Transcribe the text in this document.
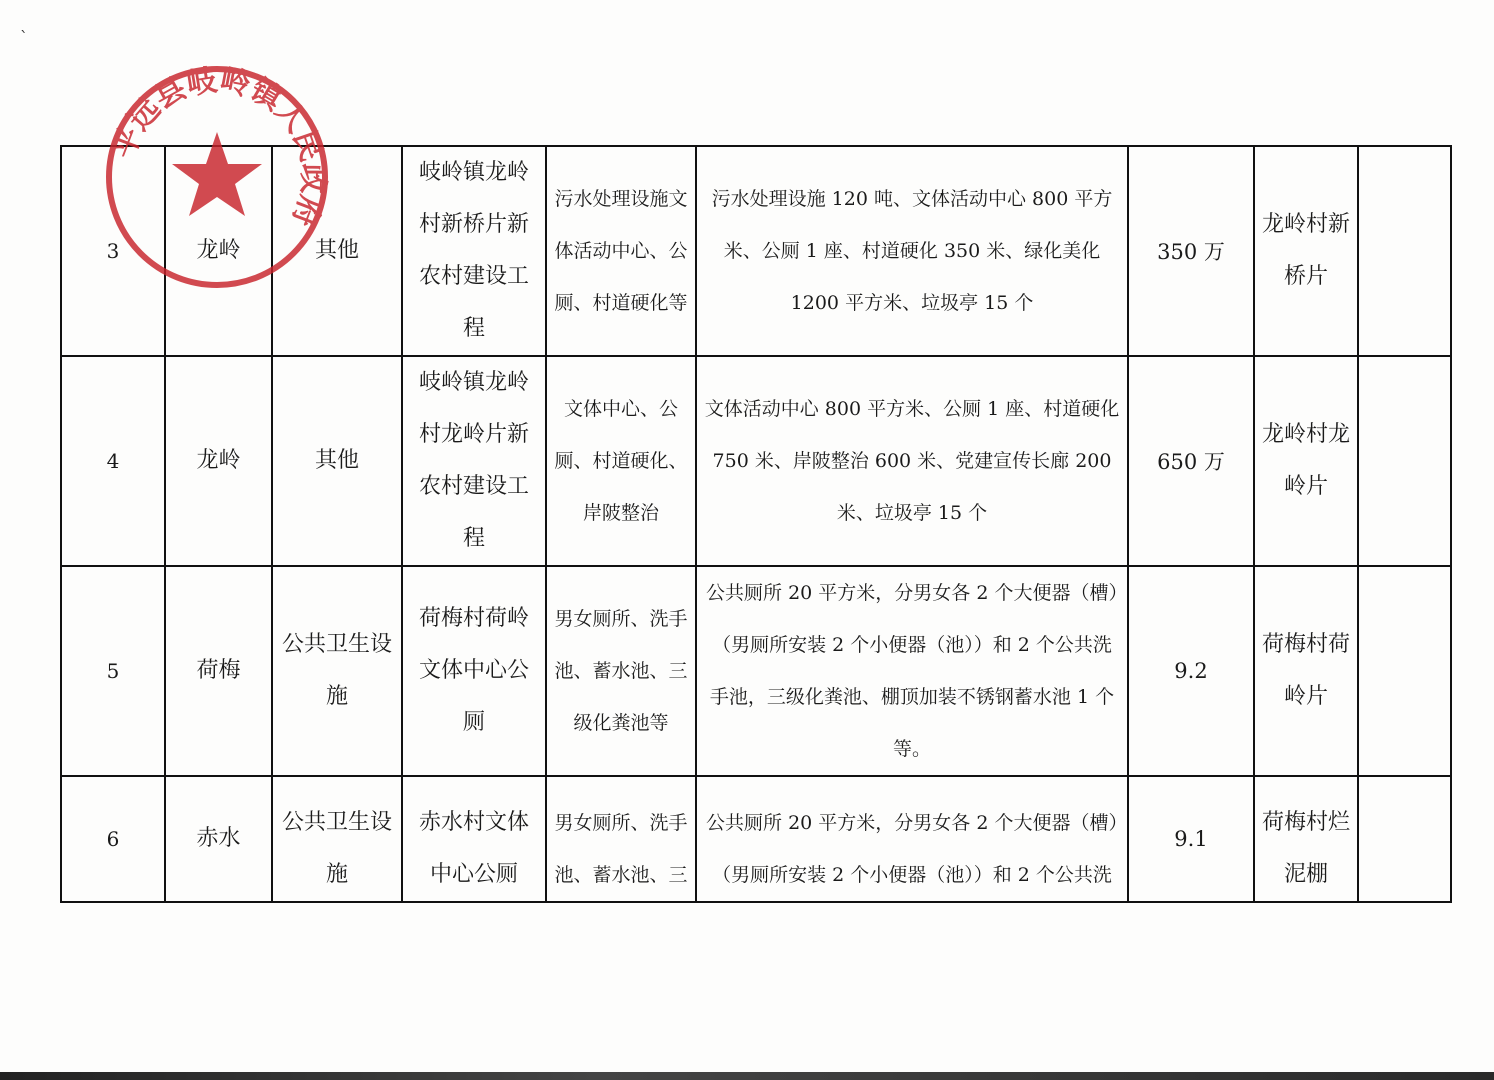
`
3	龙岭	其他	岐岭镇龙岭村新桥片新农村建设工程	污水处理设施文体活动中心、公厕、村道硬化等	污水处理设施 120 吨、文体活动中心 800 平方米、公厕 1 座、村道硬化 350 米、绿化美化 1200 平方米、垃圾亭 15 个	350 万	龙岭村新桥片	
4	龙岭	其他	岐岭镇龙岭村龙岭片新农村建设工程	文体中心、公厕、村道硬化、岸陂整治	文体活动中心 800 平方米、公厕 1 座、村道硬化 750 米、岸陂整治 600 米、党建宣传长廊 200 米、垃圾亭 15 个	650 万	龙岭村龙岭片	
5	荷梅	公共卫生设施	荷梅村荷岭文体中心公厕	男女厕所、洗手池、蓄水池、三级化粪池等	公共厕所 20 平方米，分男女各 2 个大便器（槽）（男厕所安装 2 个小便器（池））和 2 个公共洗手池，三级化粪池、棚顶加装不锈钢蓄水池 1 个等。	9.2	荷梅村荷岭片	
6	赤水	公共卫生设施	赤水村文体中心公厕	男女厕所、洗手池、蓄水池、三	公共厕所 20 平方米，分男女各 2 个大便器（槽）（男厕所安装 2 个小便器（池））和 2 个公共洗	9.1	荷梅村烂泥棚	
平远县岐岭镇人民政府
